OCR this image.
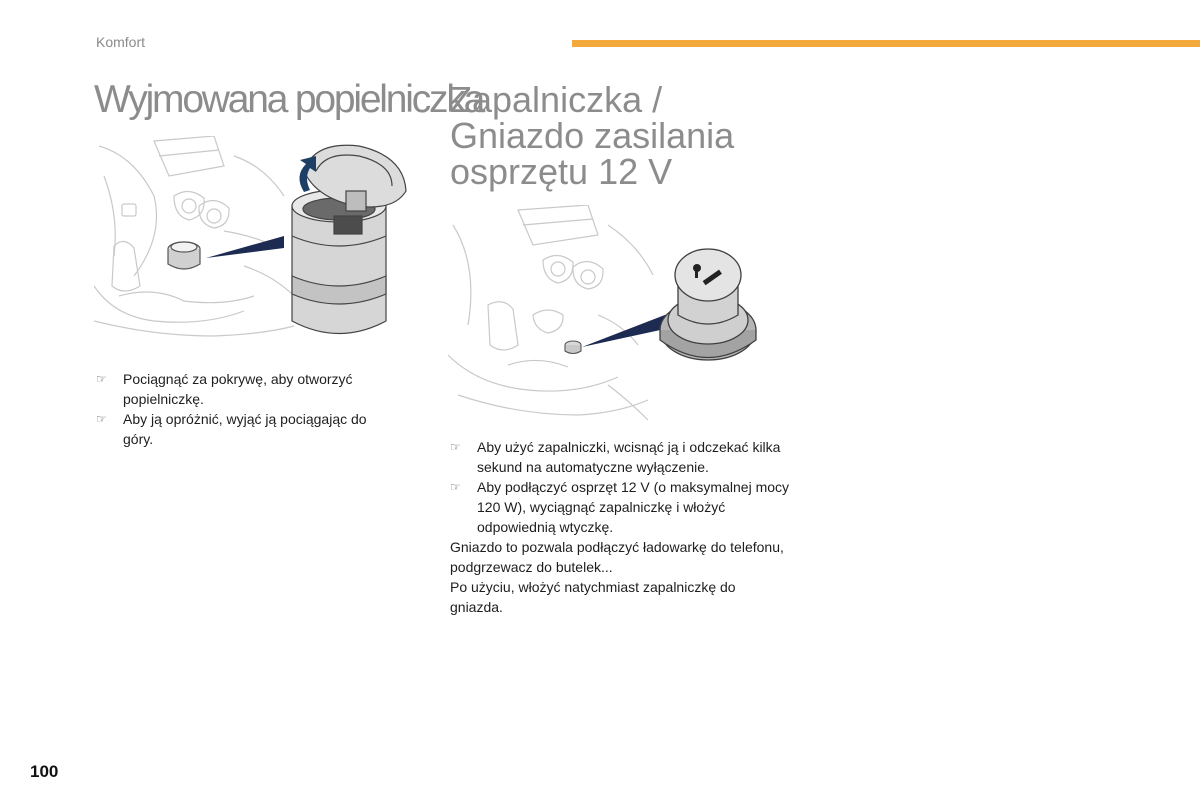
Komfort
Wyjmowana popielniczka
Zapalniczka /
Gniazdo zasilania
osprzętu 12 V
☞ Pociągnąć za pokrywę, aby otworzyć popielniczkę.
☞ Aby ją opróżnić, wyjąć ją pociągając do góry.	☞ Aby użyć zapalniczki, wcisnąć ją i odczekać kilka sekund na automatyczne wyłączenie.
☞ Aby podłączyć osprzęt 12 V (o maksymalnej mocy 120 W), wyciągnąć zapalniczkę i włożyć odpowiednią wtyczkę.

Gniazdo to pozwala podłączyć ładowarkę do telefonu, podgrzewacz do butelek...

Po użyciu, włożyć natychmiast zapalniczkę do gniazda.

100
